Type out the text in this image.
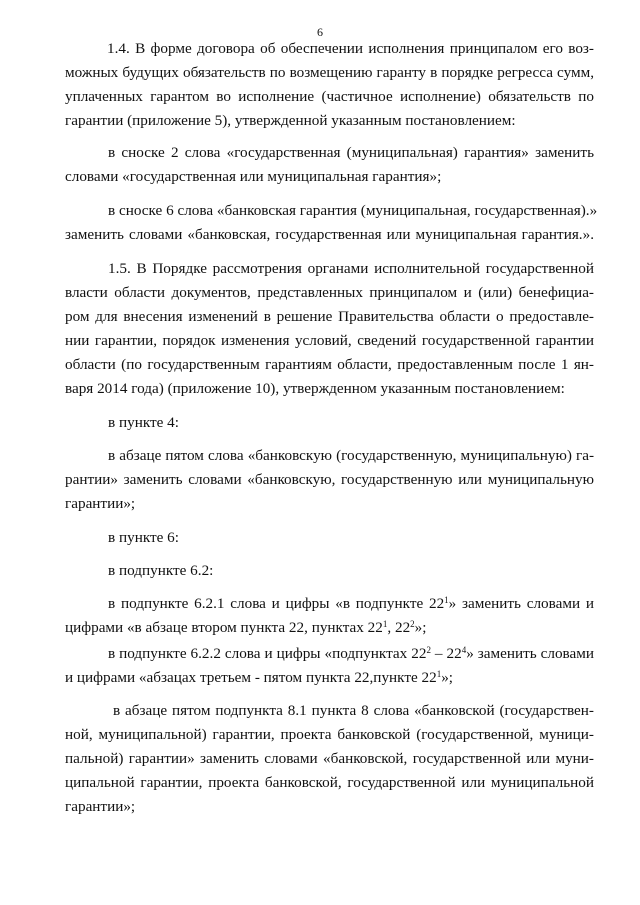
6
1.4. В форме договора об обеспечении исполнения принципалом его воз-
можных будущих обязательств по возмещению гаранту в порядке регресса сумм,
уплаченных гарантом во исполнение (частичное исполнение) обязательств по
гарантии (приложение 5), утвержденной указанным постановлением:
в сноске 2 слова «государственная (муниципальная) гарантия» заменить
словами «государственная или муниципальная гарантия»;
в сноске 6 слова «банковская гарантия (муниципальная, государственная).»
заменить словами «банковская, государственная или муниципальная гарантия.».
1.5. В Порядке рассмотрения органами исполнительной государственной
власти области документов, представленных принципалом и (или) бенефициа-
ром для внесения изменений в решение Правительства области о предоставле-
нии гарантии, порядок изменения условий, сведений государственной гарантии
области (по государственным гарантиям области, предоставленным после 1 ян-
варя 2014 года) (приложение 10), утвержденном указанным постановлением:
в пункте 4:
в абзаце пятом слова «банковскую (государственную, муниципальную) га-
рантии» заменить словами «банковскую, государственную или муниципальную
гарантии»;
в пункте 6:
в подпункте 6.2:
в подпункте 6.2.1 слова и цифры «в подпункте $22^1$» заменить словами и
цифрами «в абзаце втором пункта 22, пунктах $22^1$, $22^2$»;
в подпункте 6.2.2 слова и цифры «подпунктах $22^2 - 22^4$» заменить словами
и цифрами «абзацах третьем - пятом пункта 22,пункте $22^1$»;
в абзаце пятом подпункта 8.1 пункта 8 слова «банковской (государствен-
ной, муниципальной) гарантии, проекта банковской (государственной, муници-
пальной) гарантии» заменить словами «банковской, государственной или муни-
ципальной гарантии, проекта банковской, государственной или муниципальной
гарантии»;
